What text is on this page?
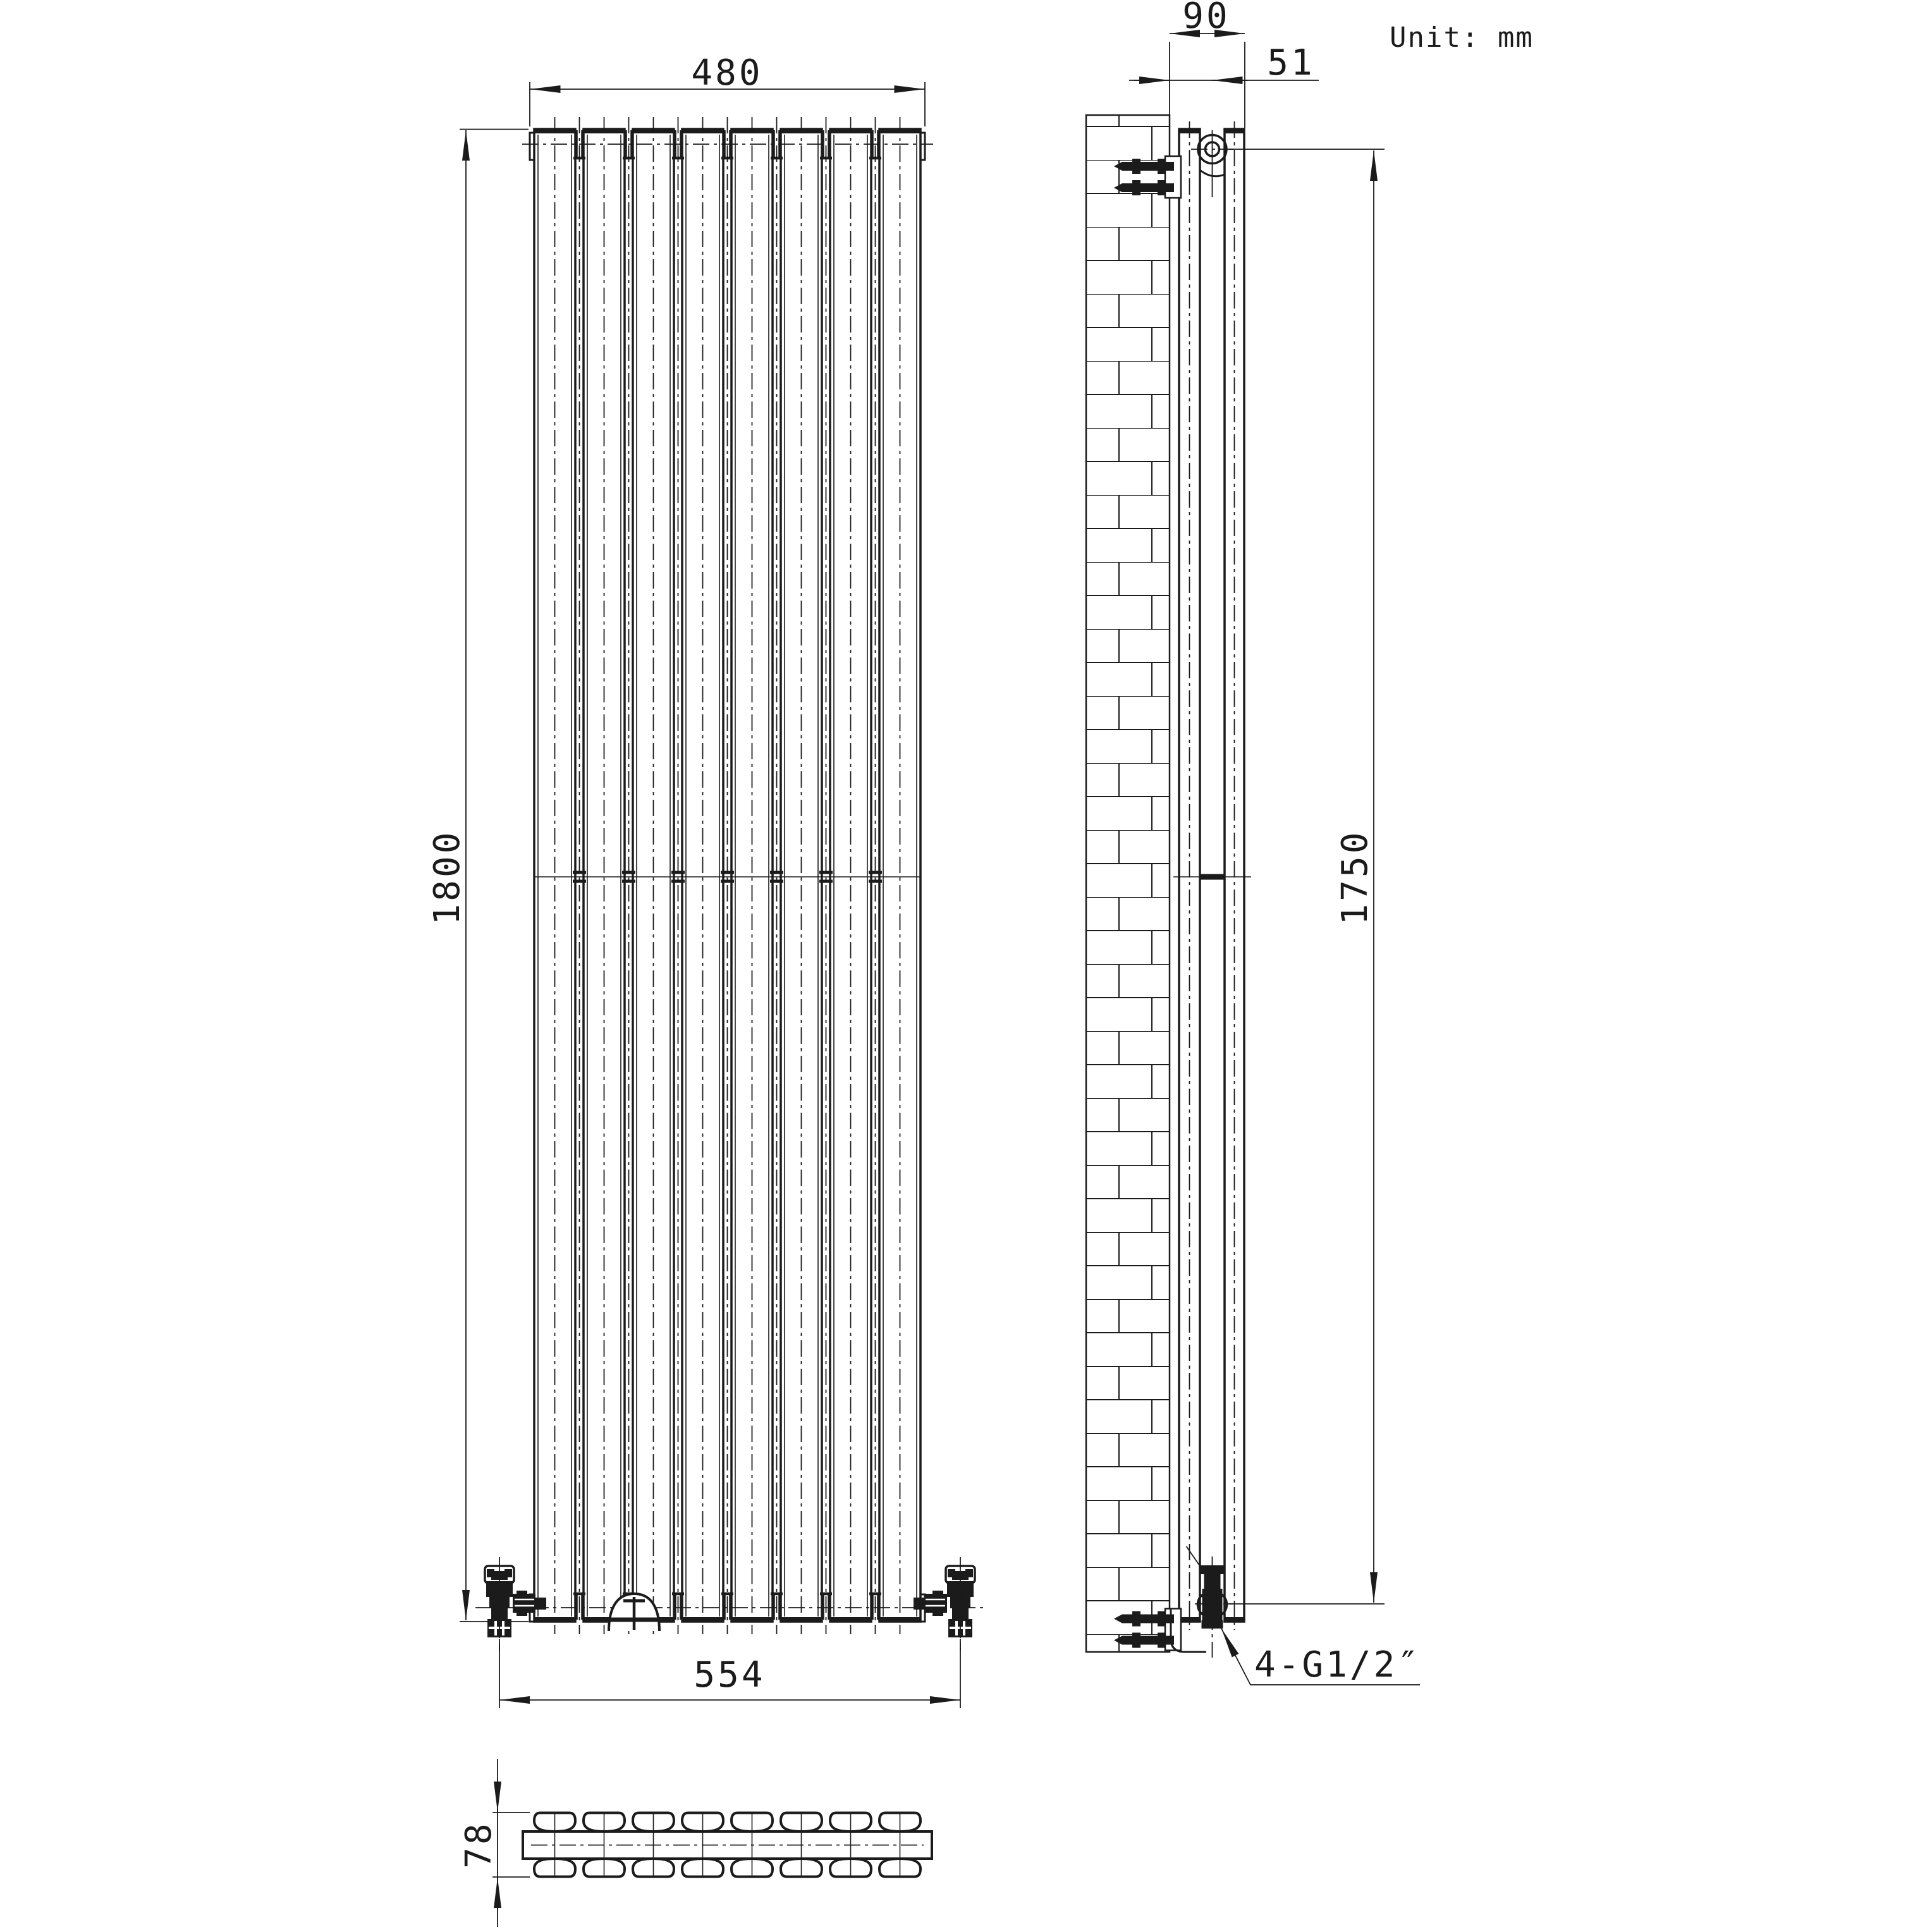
480
1800
554
90
51
1750
4-G1/2″
78
Unit: mm
